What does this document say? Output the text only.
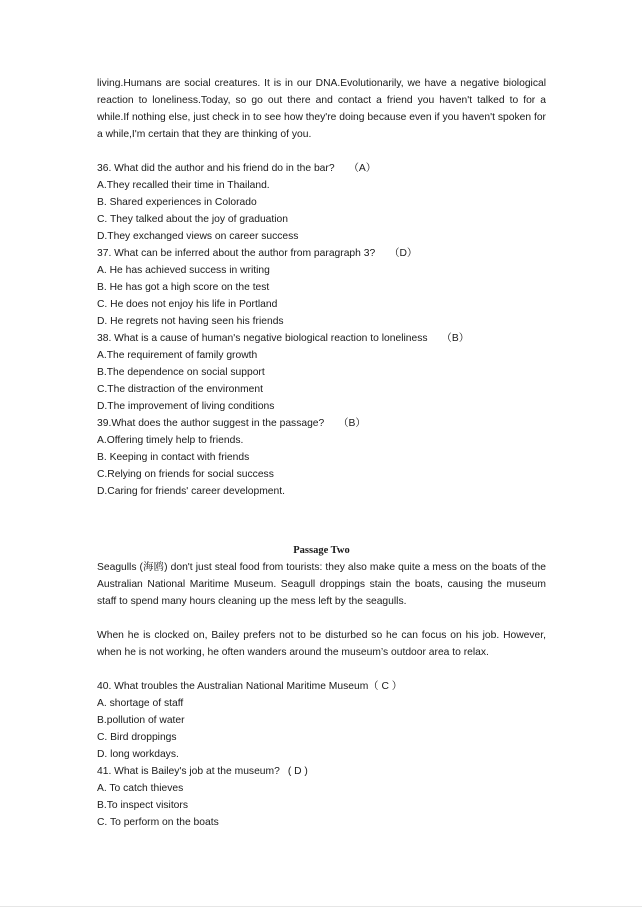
living.Humans are social creatures. It is in our DNA.Evolutionarily, we have a negative biological reaction to loneliness.Today, so go out there and contact a friend you haven't talked to for a while.If nothing else, just check in to see how they're doing because even if you haven't spoken for a while,I'm certain that they are thinking of you.

36. What did the author and his friend do in the bar? （A）

A.They recalled their time in Thailand.

B. Shared experiences in Colorado

C. They talked about the joy of graduation

D.They exchanged views on career success

37. What can be inferred about the author from paragraph 3? （D）

A. He has achieved success in writing

B. He has got a high score on the test

C. He does not enjoy his life in Portland

D. He regrets not having seen his friends

38. What is a cause of human's negative biological reaction to loneliness （B）

A.The requirement of family growth

B.The dependence on social support

C.The distraction of the environment

D.The improvement of living conditions

39.What does the author suggest in the passage? （B）

A.Offering timely help to friends.

B. Keeping in contact with friends

C.Relying on friends for social success

D.Caring for friends' career development.

Passage Two

Seagulls (海鸥) don't just steal food from tourists: they also make quite a mess on the boats of the Australian National Maritime Museum. Seagull droppings stain the boats, causing the museum staff to spend many hours cleaning up the mess left by the seagulls.

When he is clocked on, Bailey prefers not to be disturbed so he can focus on his job. However, when he is not working, he often wanders around the museum’s outdoor area to relax.

40. What troubles the Australian National Maritime Museum（ C ）

A. shortage of staff

B.pollution of water

C. Bird droppings

D. long workdays.

41. What is Bailey's job at the museum? ( D )

A. To catch thieves

B.To inspect visitors

C. To perform on the boats
